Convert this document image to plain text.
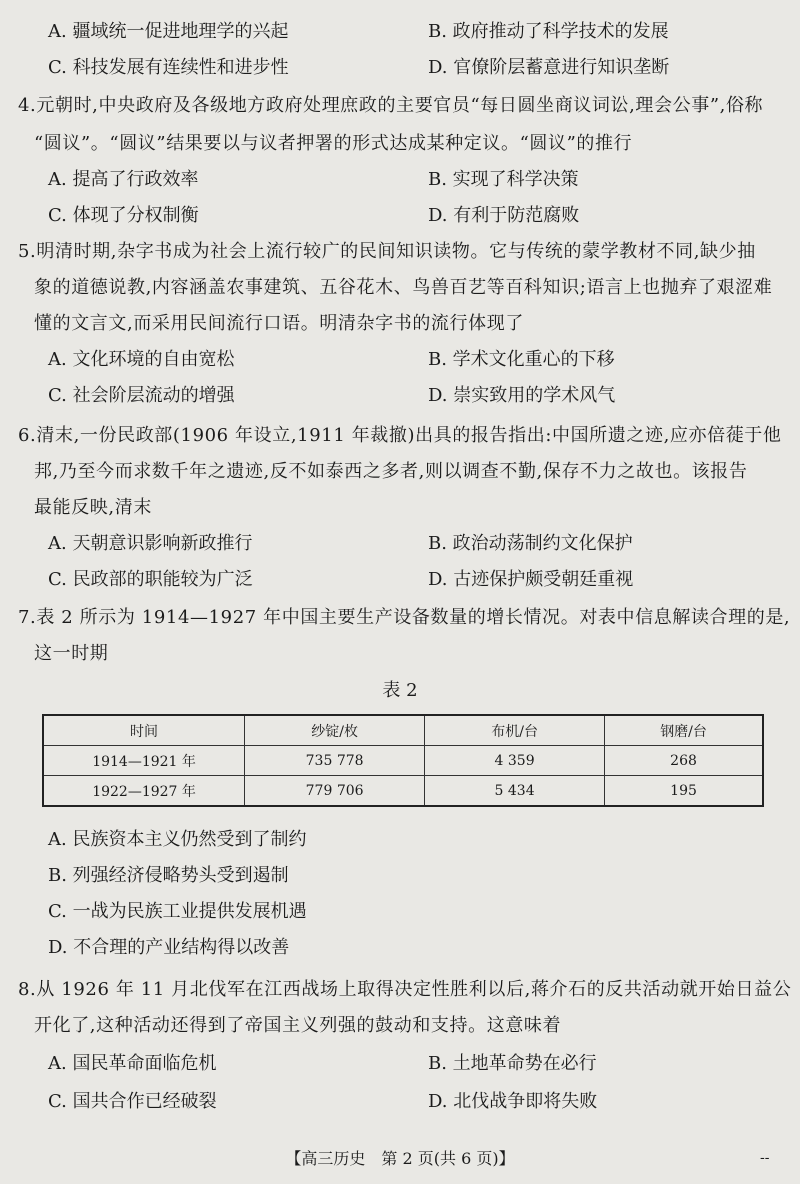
A. 疆域统一促进地理学的兴起	B. 政府推动了科学技术的发展
C. 科技发展有连续性和进步性	D. 官僚阶层蓄意进行知识垄断
4.元朝时,中央政府及各级地方政府处理庶政的主要官员“每日圆坐商议词讼,理会公事”,俗称
“圆议”。“圆议”结果要以与议者押署的形式达成某种定议。“圆议”的推行
A. 提高了行政效率	B. 实现了科学决策
C. 体现了分权制衡	D. 有利于防范腐败
5.明清时期,杂字书成为社会上流行较广的民间知识读物。它与传统的蒙学教材不同,缺少抽
象的道德说教,内容涵盖农事建筑、五谷花木、鸟兽百艺等百科知识;语言上也抛弃了艰涩难
懂的文言文,而采用民间流行口语。明清杂字书的流行体现了
A. 文化环境的自由宽松	B. 学术文化重心的下移
C. 社会阶层流动的增强	D. 崇实致用的学术风气
6.清末,一份民政部(1906 年设立,1911 年裁撤)出具的报告指出:中国所遗之迹,应亦倍蓰于他
邦,乃至今而求数千年之遗迹,反不如泰西之多者,则以调查不勤,保存不力之故也。该报告
最能反映,清末
A. 天朝意识影响新政推行	B. 政治动荡制约文化保护
C. 民政部的职能较为广泛	D. 古迹保护颇受朝廷重视
7.表 2 所示为 1914—1927 年中国主要生产设备数量的增长情况。对表中信息解读合理的是,
这一时期
表 2
时间	纱锭/枚	布机/台	钢磨/台
1914—1921 年	735 778	4 359	268
1922—1927 年	779 706	5 434	195
A. 民族资本主义仍然受到了制约
B. 列强经济侵略势头受到遏制
C. 一战为民族工业提供发展机遇
D. 不合理的产业结构得以改善
8.从 1926 年 11 月北伐军在江西战场上取得决定性胜利以后,蒋介石的反共活动就开始日益公
开化了,这种活动还得到了帝国主义列强的鼓动和支持。这意味着
A. 国民革命面临危机	B. 土地革命势在必行
C. 国共合作已经破裂	D. 北伐战争即将失败
【高三历史　第 2 页(共 6 页)】	--
